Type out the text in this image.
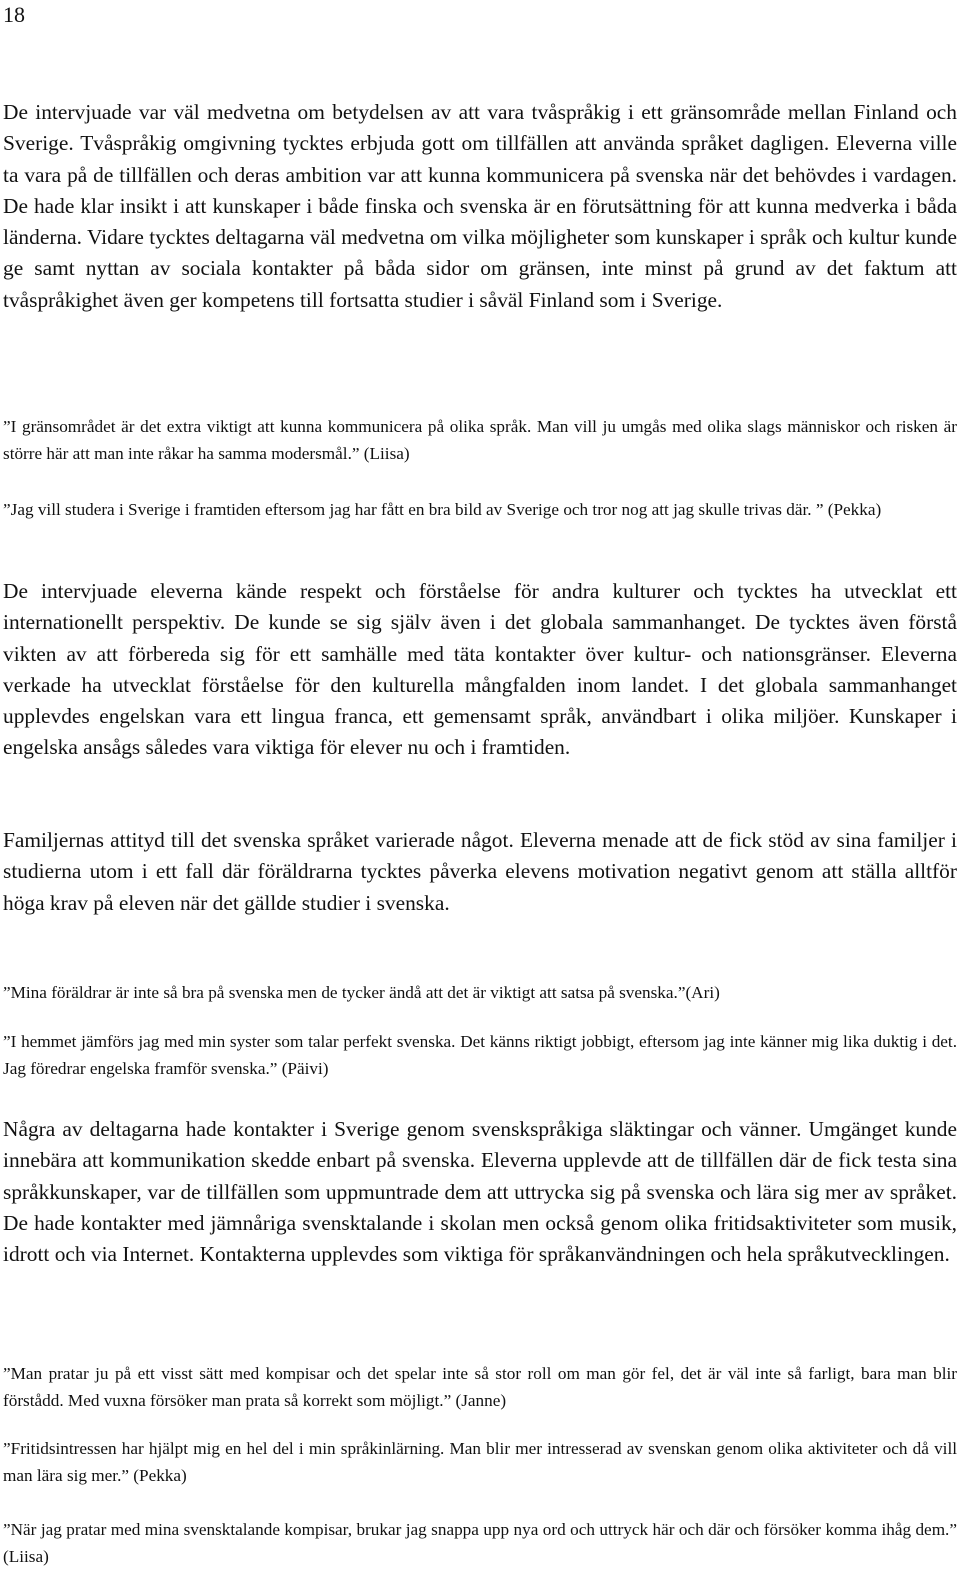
18

De intervjuade var väl medvetna om betydelsen av att vara tvåspråkig i ett gränsområde mellan Finland och Sverige. Tvåspråkig omgivning tycktes erbjuda gott om tillfällen att använda språket dagligen. Eleverna ville ta vara på de tillfällen och deras ambition var att kunna kommunicera på svenska när det behövdes i vardagen. De hade klar insikt i att kunskaper i både finska och svenska är en förutsättning för att kunna medverka i båda länderna. Vidare tycktes deltagarna väl medvetna om vilka möjligheter som kunskaper i språk och kultur kunde ge samt nyttan av sociala kontakter på båda sidor om gränsen, inte minst på grund av det faktum att tvåspråkighet även ger kompetens till fortsatta studier i såväl Finland som i Sverige.

”I gränsområdet är det extra viktigt att kunna kommunicera på olika språk. Man vill ju umgås med olika slags människor och risken är större här att man inte råkar ha samma modersmål.” (Liisa)

”Jag vill studera i Sverige i framtiden eftersom jag har fått en bra bild av Sverige och tror nog att jag skulle trivas där. ” (Pekka)

De intervjuade eleverna kände respekt och förståelse för andra kulturer och tycktes ha utvecklat ett internationellt perspektiv. De kunde se sig själv även i det globala sammanhanget. De tycktes även förstå vikten av att förbereda sig för ett samhälle med täta kontakter över kultur- och nationsgränser. Eleverna verkade ha utvecklat förståelse för den kulturella mångfalden inom landet. I det globala sammanhanget upplevdes engelskan vara ett lingua franca, ett gemensamt språk, användbart i olika miljöer. Kunskaper i engelska ansågs således vara viktiga för elever nu och i framtiden.

Familjernas attityd till det svenska språket varierade något. Eleverna menade att de fick stöd av sina familjer i studierna utom i ett fall där föräldrarna tycktes påverka elevens motivation negativt genom att ställa alltför höga krav på eleven när det gällde studier i svenska.

”Mina föräldrar är inte så bra på svenska men de tycker ändå att det är viktigt att satsa på svenska.”(Ari)

”I hemmet jämförs jag med min syster som talar perfekt svenska. Det känns riktigt jobbigt, eftersom jag inte känner mig lika duktig i det. Jag föredrar engelska framför svenska.” (Päivi)

Några av deltagarna hade kontakter i Sverige genom svenskspråkiga släktingar och vänner. Umgänget kunde innebära att kommunikation skedde enbart på svenska. Eleverna upplevde att de tillfällen där de fick testa sina språkkunskaper, var de tillfällen som uppmuntrade dem att uttrycka sig på svenska och lära sig mer av språket. De hade kontakter med jämnåriga svensktalande i skolan men också genom olika fritidsaktiviteter som musik, idrott och via Internet. Kontakterna upplevdes som viktiga för språkanvändningen och hela språkutvecklingen.

”Man pratar ju på ett visst sätt med kompisar och det spelar inte så stor roll om man gör fel, det är väl inte så farligt, bara man blir förstådd. Med vuxna försöker man prata så korrekt som möjligt.” (Janne)

”Fritidsintressen har hjälpt mig en hel del i min språkinlärning. Man blir mer intresserad av svenskan genom olika aktiviteter och då vill man lära sig mer.” (Pekka)

”När jag pratar med mina svensktalande kompisar, brukar jag snappa upp nya ord och uttryck här och där och försöker komma ihåg dem.” (Liisa)
